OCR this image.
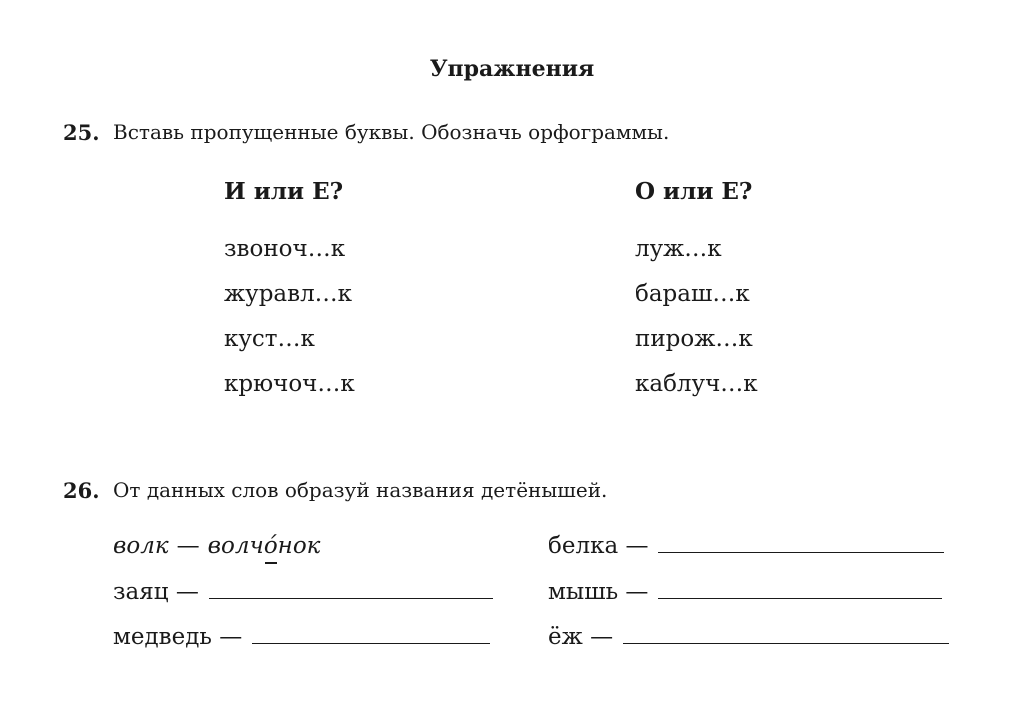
Упражнения
25. Вставь пропущенные буквы. Обозначь орфограммы.
И или Е?	О или Е?
звоноч…к
журавл…к
куст…к
крючоч…к
луж…к
бараш…к
пирож…к
каблуч…к
26. От данных слов образуй названия детёнышей.
волк — волчо́
нок
заяц —
медведь —
белка —
мышь —
ёж —
